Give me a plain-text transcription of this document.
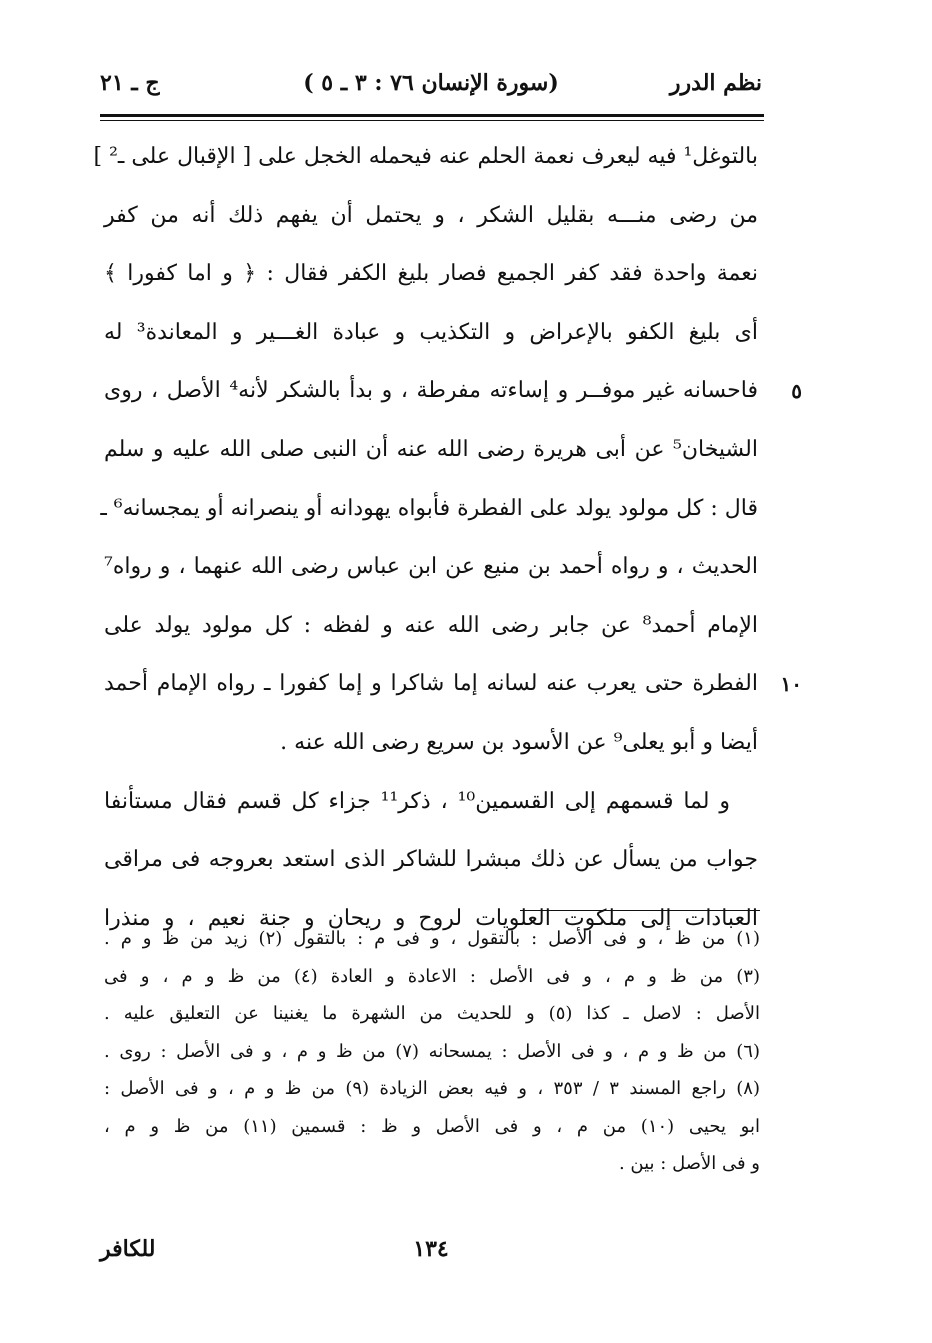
نظم الدرر
(سورة الإنسان ٧٦ : ٣ ـ ٥ )
ج ـ ٢١
بالتوغل¹ فيه ليعرف نعمة الحلم عنه فيحمله الخجل على [ الإقبال على ـ² ]
من رضى منـــه بقليل الشكر ، و يحتمل أن يفهم ذلك أنه من كفر
نعمة واحدة فقد كفر الجميع فصار بليغ الكفر فقال : ﴿ و اما كفورا ﴾
أى بليغ الكفو بالإعراض و التكذيب و عبادة الغـــير و المعاندة³ له
فاحسانه غير موفــر و إساءته مفرطة ، و بدأ بالشكر لأنه⁴ الأصل ، روى ٥
الشيخان⁵ عن أبى هريرة رضى الله عنه أن النبى صلى الله عليه و سلم
قال : كل مولود يولد على الفطرة فأبواه يهودانه أو ينصرانه أو يمجسانه⁶ ـ
الحديث ، و رواه أحمد بن منيع عن ابن عباس رضى الله عنهما ، و رواه⁷
الإمام أحمد⁸ عن جابر رضى الله عنه و لفظه : كل مولود يولد على
الفطرة حتى يعرب عنه لسانه إما شاكرا و إما كفورا ـ رواه الإمام أحمد ١٠
أيضا و أبو يعلى⁹ عن الأسود بن سريع رضى الله عنه .
و لما قسمهم إلى القسمين¹⁰ ، ذكر¹¹ جزاء كل قسم فقال مستأنفا
جواب من يسأل عن ذلك مبشرا للشاكر الذى استعد بعروجه فى مراقى
العبادات إلى ملكوت العلويات لروح و ريحان و جنة نعيم ، و منذرا
(١) من ظ ، و فى الأصل : بالتقول ، و فى م : بالتقول (٢) زيد من ظ و م .
(٣) من ظ و م ، و فى الأصل : الاعادة و العادة (٤) من ظ و م ، و فى
الأصل : لاصل ـ كذا (٥) و للحديث من الشهرة ما يغنينا عن التعليق عليه .
(٦) من ظ و م ، و فى الأصل : يمسحانه (٧) من ظ و م ، و فى الأصل : روى .
(٨) راجع المسند ٣ / ٣٥٣ ، و فيه بعض الزيادة (٩) من ظ و م ، و فى الأصل :
ابو يحيى (١٠) من م ، و فى الأصل و ظ : قسمين (١١) من ظ و م ،
و فى الأصل : بين .
١٣٤
للكافر
